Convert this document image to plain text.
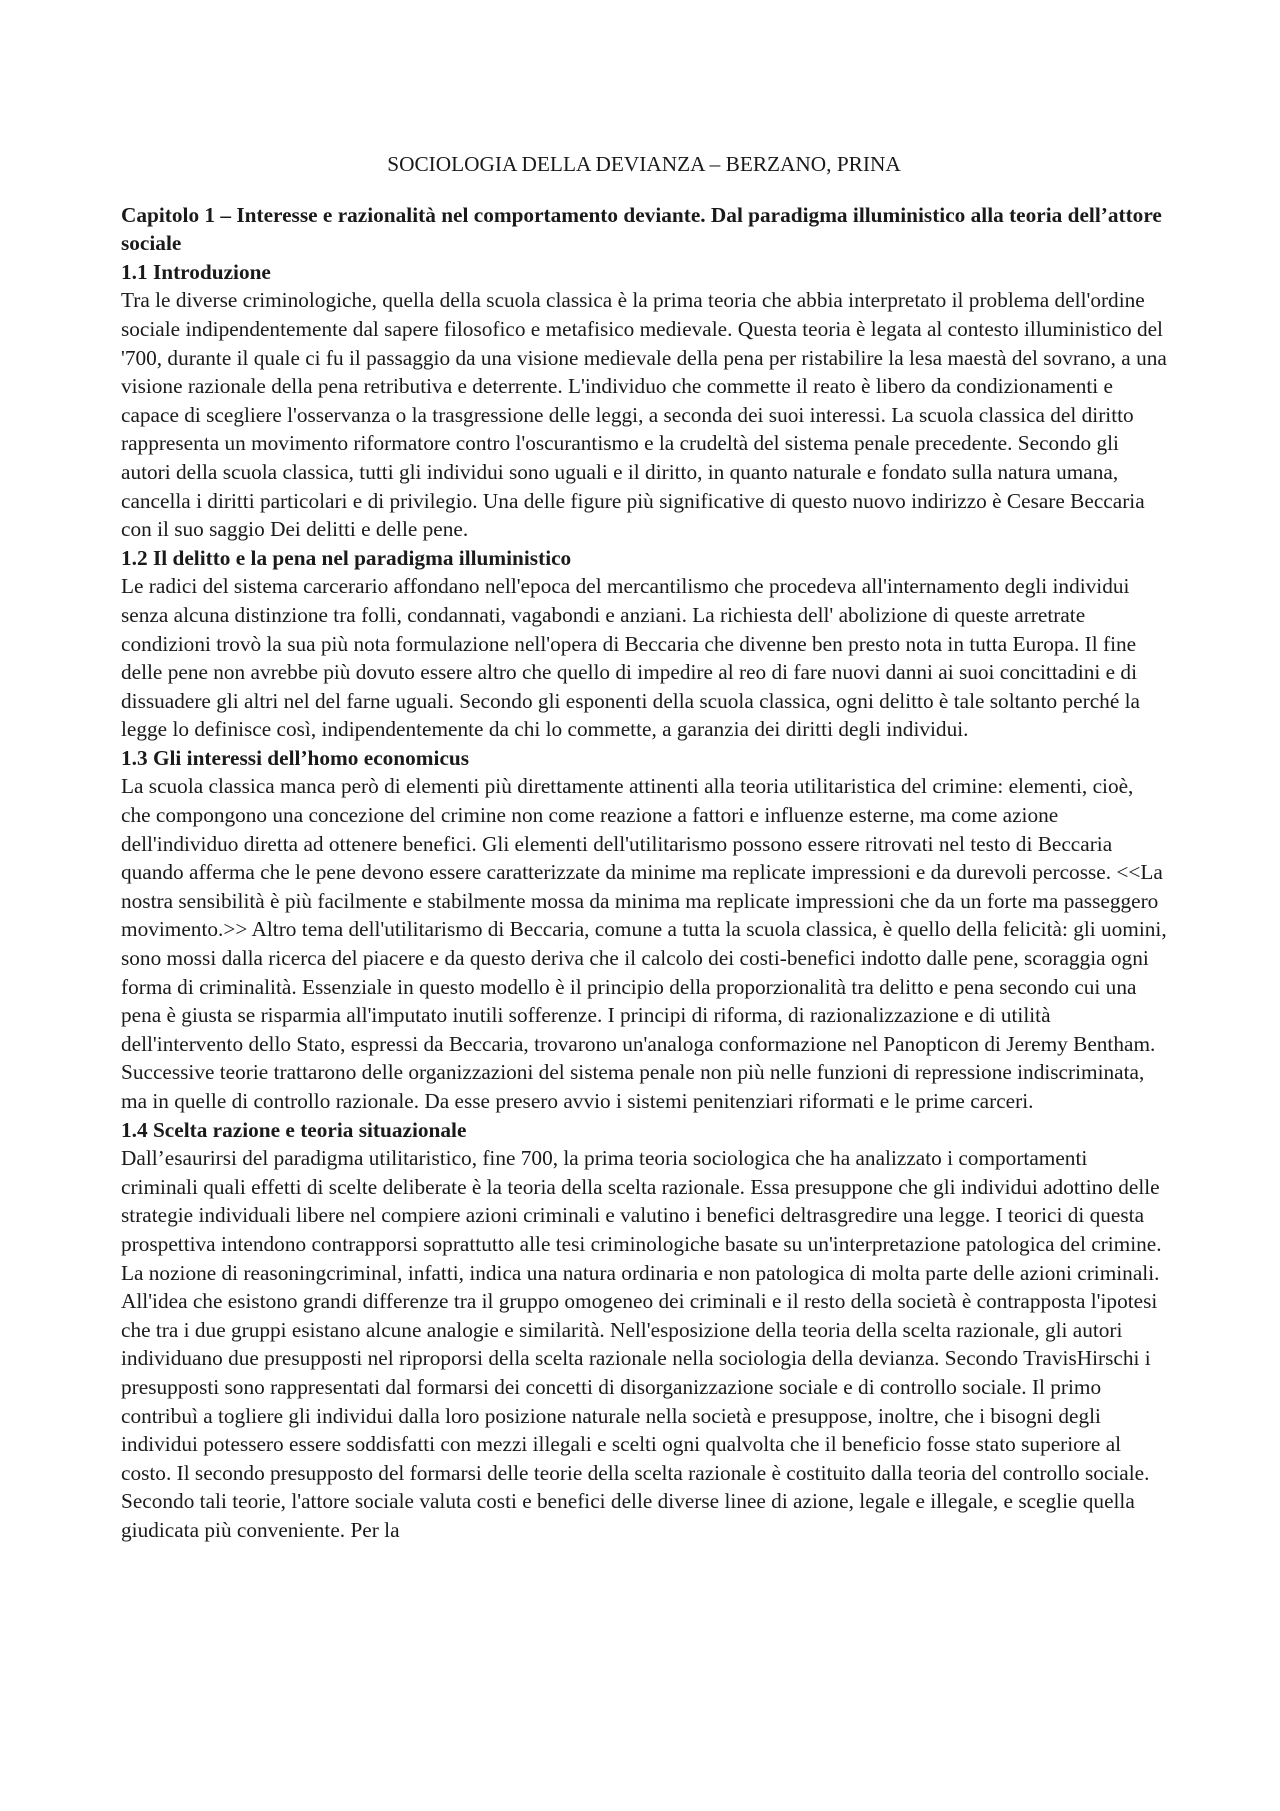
SOCIOLOGIA DELLA DEVIANZA – BERZANO, PRINA
Capitolo 1 – Interesse e razionalità nel comportamento deviante. Dal paradigma illuministico alla teoria dell’attore sociale
1.1 Introduzione
Tra le diverse criminologiche, quella della scuola classica è la prima teoria che abbia interpretato il problema dell'ordine sociale indipendentemente dal sapere filosofico e metafisico medievale. Questa teoria è legata al contesto illuministico del '700, durante il quale ci fu il passaggio da una visione medievale della pena per ristabilire la lesa maestà del sovrano, a una visione razionale della pena retributiva e deterrente. L'individuo che commette il reato è libero da condizionamenti e capace di scegliere l'osservanza o la trasgressione delle leggi, a seconda dei suoi interessi. La scuola classica del diritto rappresenta un movimento riformatore contro l'oscurantismo e la crudeltà del sistema penale precedente. Secondo gli autori della scuola classica, tutti gli individui sono uguali e il diritto, in quanto naturale e fondato sulla natura umana, cancella i diritti particolari e di privilegio. Una delle figure più significative di questo nuovo indirizzo è Cesare Beccaria con il suo saggio Dei delitti e delle pene.
1.2 Il delitto e la pena nel paradigma illuministico
Le radici del sistema carcerario affondano nell'epoca del mercantilismo che procedeva all'internamento degli individui senza alcuna distinzione tra folli, condannati, vagabondi e anziani. La richiesta dell' abolizione di queste arretrate condizioni trovò la sua più nota formulazione nell'opera di Beccaria che divenne ben presto nota in tutta Europa. Il fine delle pene non avrebbe più dovuto essere altro che quello di impedire al reo di fare nuovi danni ai suoi concittadini e di dissuadere gli altri nel del farne uguali. Secondo gli esponenti della scuola classica, ogni delitto è tale soltanto perché la legge lo definisce così, indipendentemente da chi lo commette, a garanzia dei diritti degli individui.
1.3 Gli interessi dell’homo economicus
La scuola classica manca però di elementi più direttamente attinenti alla teoria utilitaristica del crimine: elementi, cioè, che compongono una concezione del crimine non come reazione a fattori e influenze esterne, ma come azione dell'individuo diretta ad ottenere benefici. Gli elementi dell'utilitarismo possono essere ritrovati nel testo di Beccaria quando afferma che le pene devono essere caratterizzate da minime ma replicate impressioni e da durevoli percosse. <<La nostra sensibilità è più facilmente e stabilmente mossa da minima ma replicate impressioni che da un forte ma passeggero movimento.>> Altro tema dell'utilitarismo di Beccaria, comune a tutta la scuola classica, è quello della felicità: gli uomini, sono mossi dalla ricerca del piacere e da questo deriva che il calcolo dei costi-benefici indotto dalle pene, scoraggia ogni forma di criminalità. Essenziale in questo modello è il principio della proporzionalità tra delitto e pena secondo cui una pena è giusta se risparmia all'imputato inutili sofferenze. I principi di riforma, di razionalizzazione e di utilità dell'intervento dello Stato, espressi da Beccaria, trovarono un'analoga conformazione nel Panopticon di Jeremy Bentham. Successive teorie trattarono delle organizzazioni del sistema penale non più nelle funzioni di repressione indiscriminata, ma in quelle di controllo razionale. Da esse presero avvio i sistemi penitenziari riformati e le prime carceri.
1.4 Scelta razione e teoria situazionale
Dall’esaurirsi del paradigma utilitaristico, fine 700, la prima teoria sociologica che ha analizzato i comportamenti criminali quali effetti di scelte deliberate è la teoria della scelta razionale. Essa presuppone che gli individui adottino delle strategie individuali libere nel compiere azioni criminali e valutino i benefici deltrasgredire una legge. I teorici di questa prospettiva intendono contrapporsi soprattutto alle tesi criminologiche basate su un'interpretazione patologica del crimine. La nozione di reasoningcriminal, infatti, indica una natura ordinaria e non patologica di molta parte delle azioni criminali. All'idea che esistono grandi differenze tra il gruppo omogeneo dei criminali e il resto della società è contrapposta l'ipotesi che tra i due gruppi esistano alcune analogie e similarità. Nell'esposizione della teoria della scelta razionale, gli autori individuano due presupposti nel riproporsi della scelta razionale nella sociologia della devianza. Secondo TravisHirschi i presupposti sono rappresentati dal formarsi dei concetti di disorganizzazione sociale e di controllo sociale. Il primo contribuì a togliere gli individui dalla loro posizione naturale nella società e presuppose, inoltre, che i bisogni degli individui potessero essere soddisfatti con mezzi illegali e scelti ogni qualvolta che il beneficio fosse stato superiore al costo. Il secondo presupposto del formarsi delle teorie della scelta razionale è costituito dalla teoria del controllo sociale. Secondo tali teorie, l'attore sociale valuta costi e benefici delle diverse linee di azione, legale e illegale, e sceglie quella giudicata più conveniente. Per la
